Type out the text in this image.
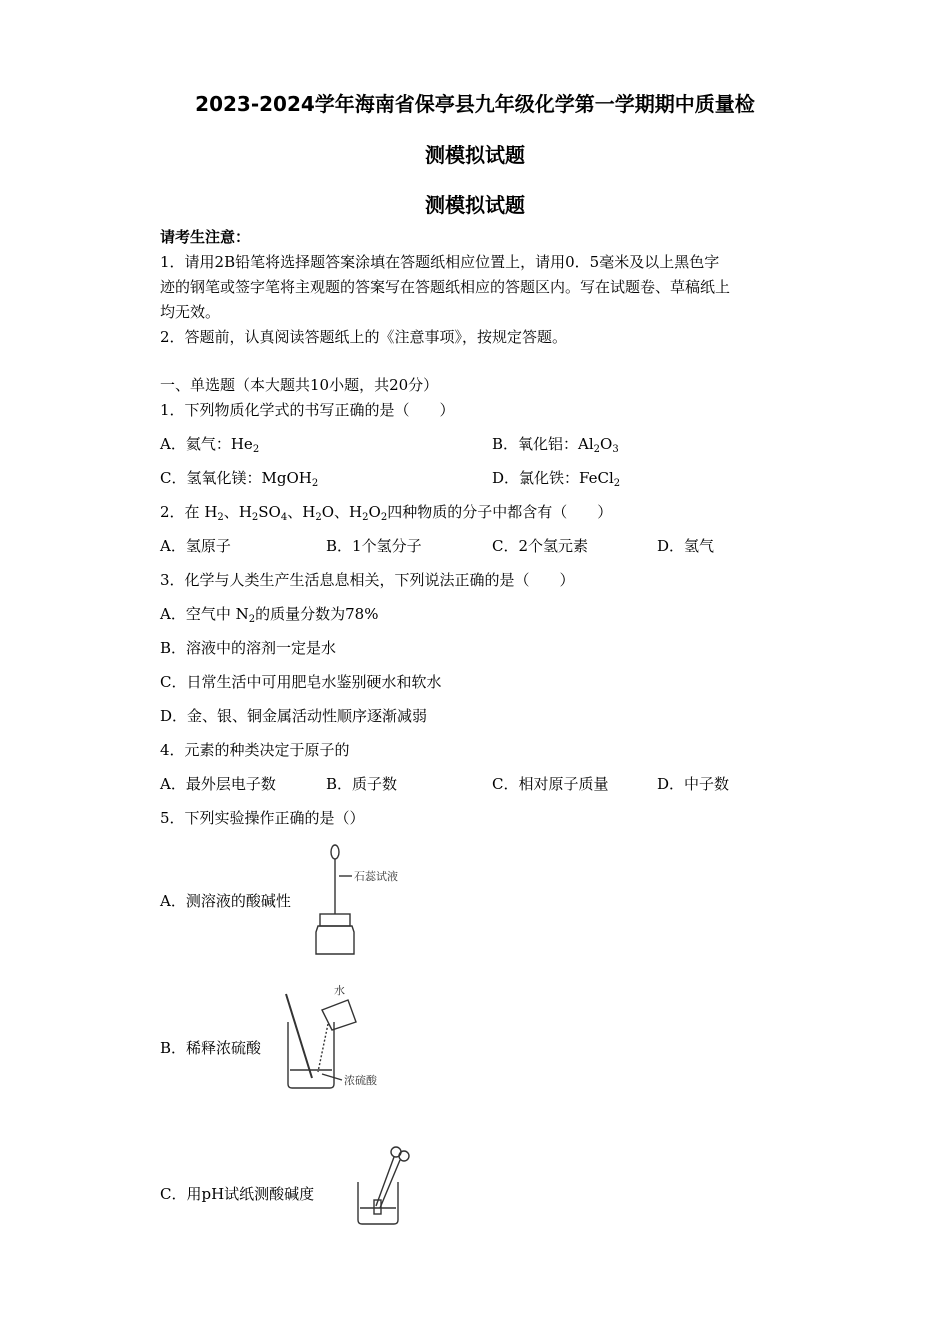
2023-2024学年海南省保亭县九年级化学第一学期期中质量检
测模拟试题
测模拟试题
请考生注意：
1．请用2B铅笔将选择题答案涂填在答题纸相应位置上，请用0．5毫米及以上黑色字
迹的钢笔或签字笔将主观题的答案写在答题纸相应的答题区内。写在试题卷、草稿纸上
均无效。
2．答题前，认真阅读答题纸上的《注意事项》，按规定答题。
一、单选题（本大题共10小题，共20分）
1．下列物质化学式的书写正确的是（　　）
A．氦气：$He_2$	B．氧化铝：$Al_2O_3$
C．氢氧化镁：MgOH$_2$	D．氯化铁：FeCl$_2$
2．在 $H_2$、$H_2SO_4$、$H_2O$、$H_2O_2$四种物质的分子中都含有（　　）
A．氢原子	B．1个氢分子	C．2个氢元素	D．氢气
3．化学与人类生产生活息息相关，下列说法正确的是（　　）
A．空气中 $N_2$的质量分数为78%
B．溶液中的溶剂一定是水
C．日常生活中可用肥皂水鉴别硬水和软水
D．金、银、铜金属活动性顺序逐渐减弱
4．元素的种类决定于原子的
A．最外层电子数	B．质子数	C．相对原子质量	D．中子数
5．下列实验操作正确的是（）
A．测溶液的酸碱性
石蕊试液
B．稀释浓硫酸
水
浓硫酸
C．用pH试纸测酸碱度
